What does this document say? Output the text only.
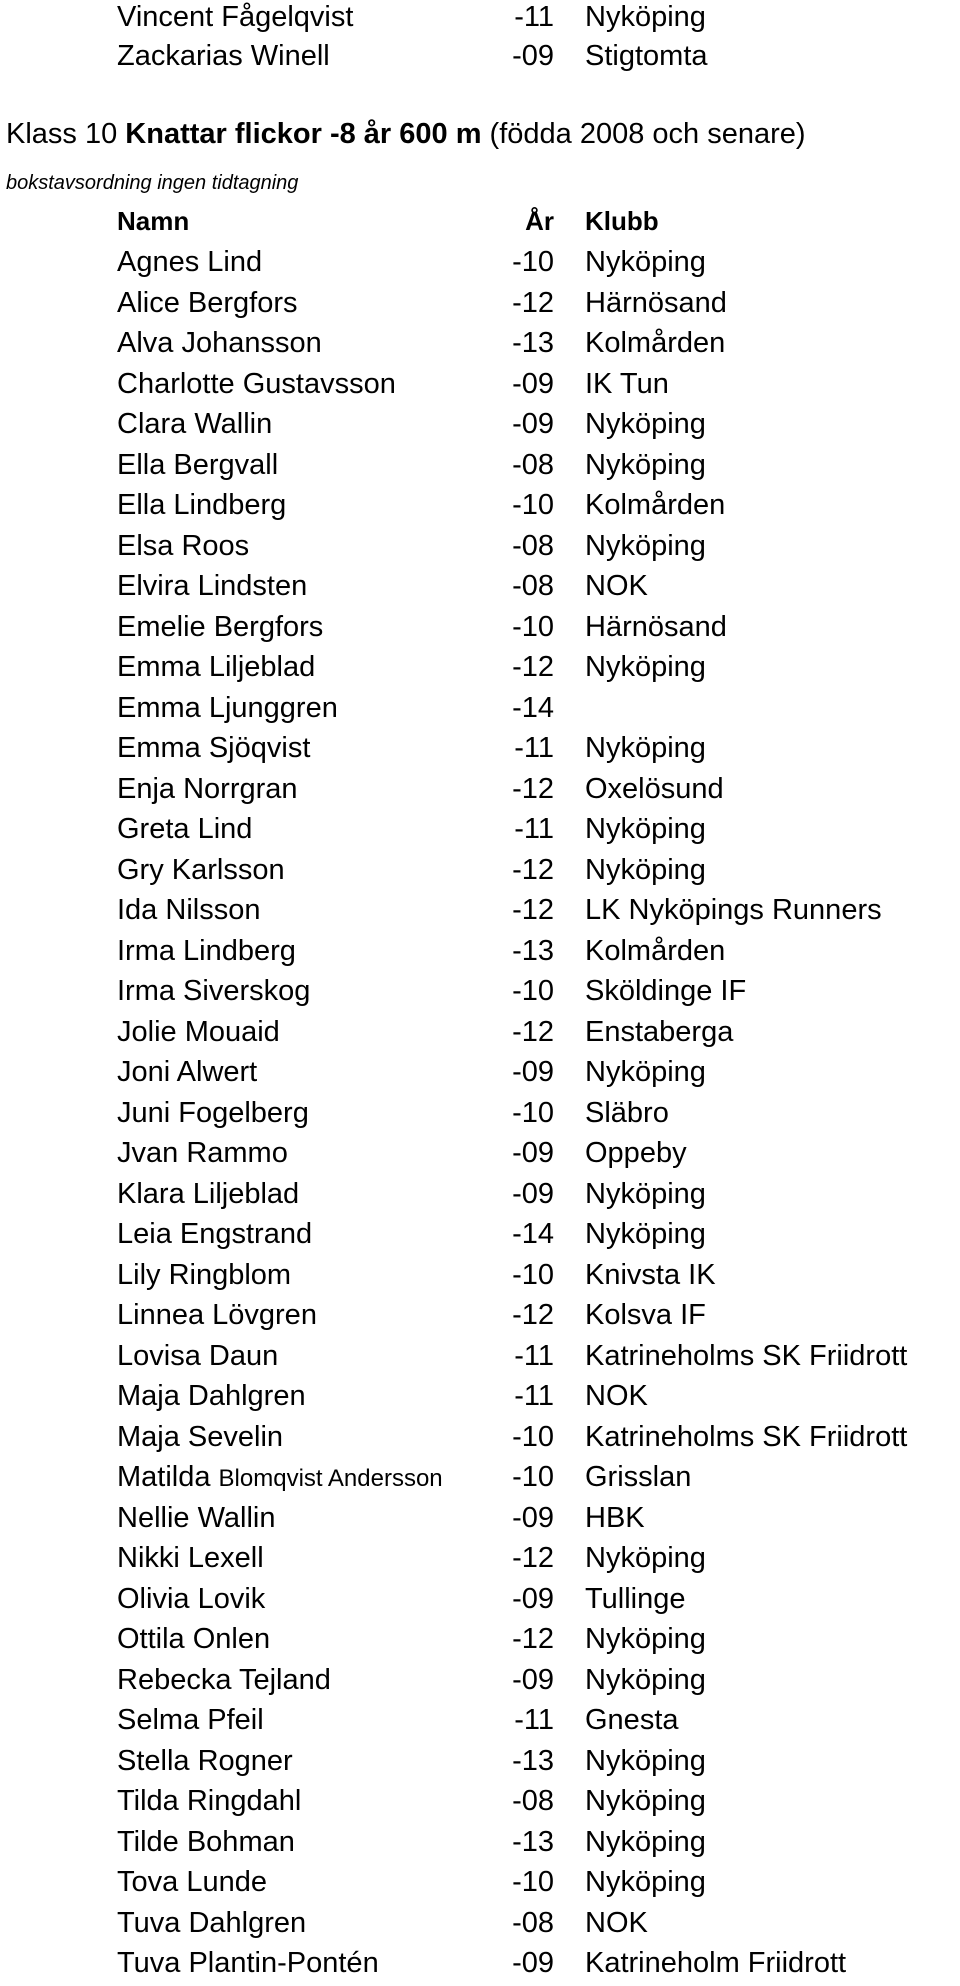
Vincent Fågelqvist	-11 Nyköping
Zackarias Winell	-09 Stigtomta
Klass 10 Knattar flickor -8 år 600 m (födda 2008 och senare)
bokstavsordning ingen tidtagning
Namn	År Klubb
Agnes Lind	-10 Nyköping
Alice Bergfors	-12 Härnösand
Alva Johansson	-13 Kolmården
Charlotte Gustavsson	-09 IK Tun
Clara Wallin	-09 Nyköping
Ella Bergvall	-08 Nyköping
Ella Lindberg	-10 Kolmården
Elsa Roos	-08 Nyköping
Elvira Lindsten	-08 NOK
Emelie Bergfors	-10 Härnösand
Emma Liljeblad	-12 Nyköping
Emma Ljunggren	-14
Emma Sjöqvist	-11 Nyköping
Enja Norrgran	-12 Oxelösund
Greta Lind	-11 Nyköping
Gry Karlsson	-12 Nyköping
Ida Nilsson	-12 LK Nyköpings Runners
Irma Lindberg	-13 Kolmården
Irma Siverskog	-10 Sköldinge IF
Jolie Mouaid	-12 Enstaberga
Joni Alwert	-09 Nyköping
Juni Fogelberg	-10 Släbro
Jvan Rammo	-09 Oppeby
Klara Liljeblad	-09 Nyköping
Leia Engstrand	-14 Nyköping
Lily Ringblom	-10 Knivsta IK
Linnea Lövgren	-12 Kolsva IF
Lovisa Daun	-11 Katrineholms SK Friidrott
Maja Dahlgren	-11 NOK
Maja Sevelin	-10 Katrineholms SK Friidrott
Matilda Blomqvist Andersson	-10 Grisslan
Nellie Wallin	-09 HBK
Nikki Lexell	-12 Nyköping
Olivia Lovik	-09 Tullinge
Ottila Onlen	-12 Nyköping
Rebecka Tejland	-09 Nyköping
Selma Pfeil	-11 Gnesta
Stella Rogner	-13 Nyköping
Tilda Ringdahl	-08 Nyköping
Tilde Bohman	-13 Nyköping
Tova Lunde	-10 Nyköping
Tuva Dahlgren	-08 NOK
Tuva Plantin-Pontén	-09 Katrineholm Friidrott
